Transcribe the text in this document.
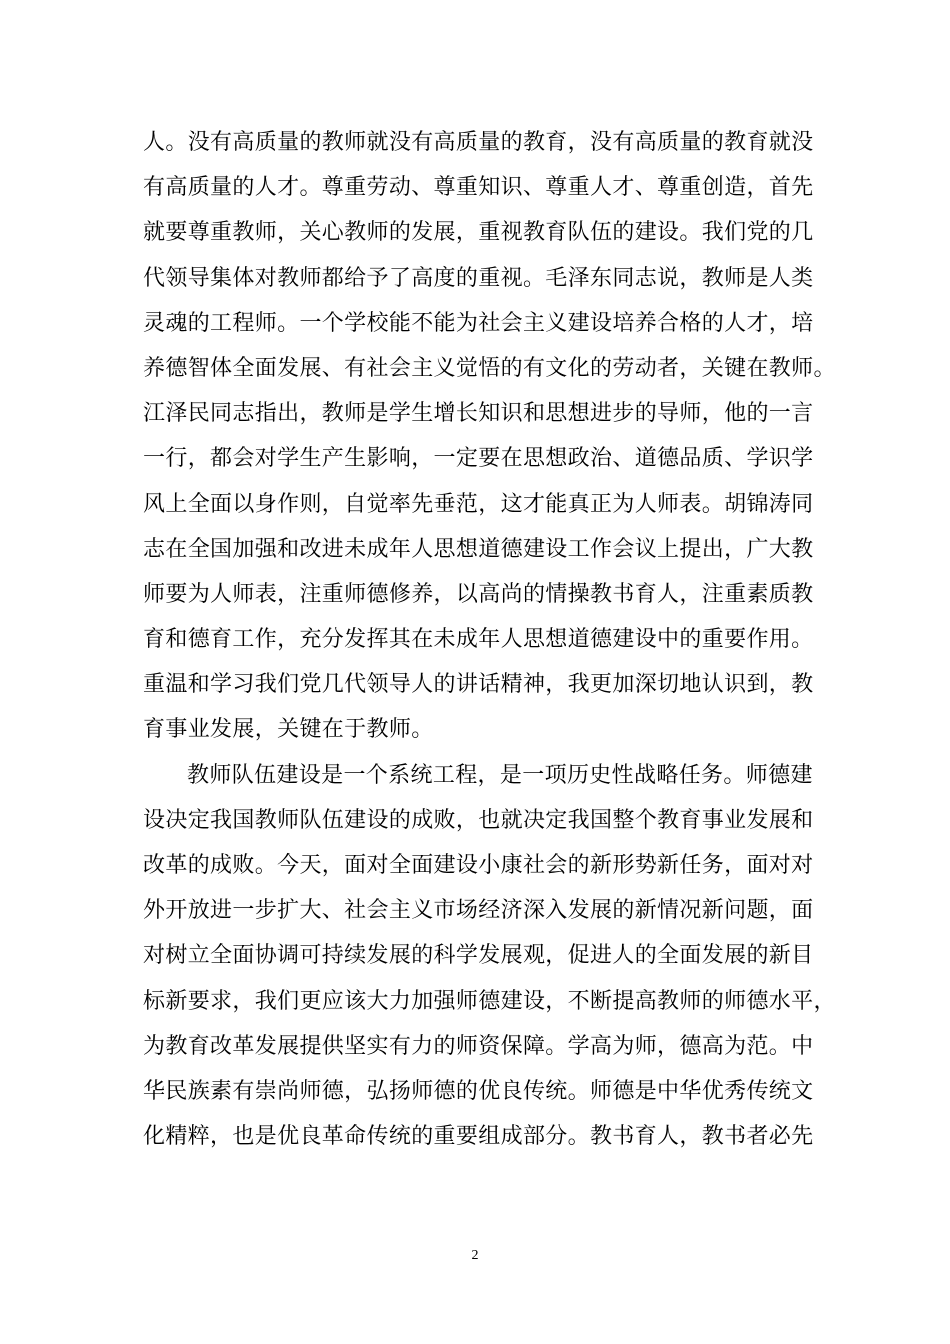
人。没有高质量的教师就没有高质量的教育，没有高质量的教育就没
有高质量的人才。尊重劳动、尊重知识、尊重人才、尊重创造，首先
就要尊重教师，关心教师的发展，重视教育队伍的建设。我们党的几
代领导集体对教师都给予了高度的重视。毛泽东同志说，教师是人类
灵魂的工程师。一个学校能不能为社会主义建设培养合格的人才，培
养德智体全面发展、有社会主义觉悟的有文化的劳动者，关键在教师。
江泽民同志指出，教师是学生增长知识和思想进步的导师，他的一言
一行，都会对学生产生影响，一定要在思想政治、道德品质、学识学
风上全面以身作则，自觉率先垂范，这才能真正为人师表。胡锦涛同
志在全国加强和改进未成年人思想道德建设工作会议上提出，广大教
师要为人师表，注重师德修养，以高尚的情操教书育人，注重素质教
育和德育工作，充分发挥其在未成年人思想道德建设中的重要作用。
重温和学习我们党几代领导人的讲话精神，我更加深切地认识到，教
育事业发展，关键在于教师。
教师队伍建设是一个系统工程，是一项历史性战略任务。师德建
设决定我国教师队伍建设的成败，也就决定我国整个教育事业发展和
改革的成败。今天，面对全面建设小康社会的新形势新任务，面对对
外开放进一步扩大、社会主义市场经济深入发展的新情况新问题，面
对树立全面协调可持续发展的科学发展观，促进人的全面发展的新目
标新要求，我们更应该大力加强师德建设，不断提高教师的师德水平，
为教育改革发展提供坚实有力的师资保障。学高为师，德高为范。中
华民族素有崇尚师德，弘扬师德的优良传统。师德是中华优秀传统文
化精粹，也是优良革命传统的重要组成部分。教书育人，教书者必先
2
